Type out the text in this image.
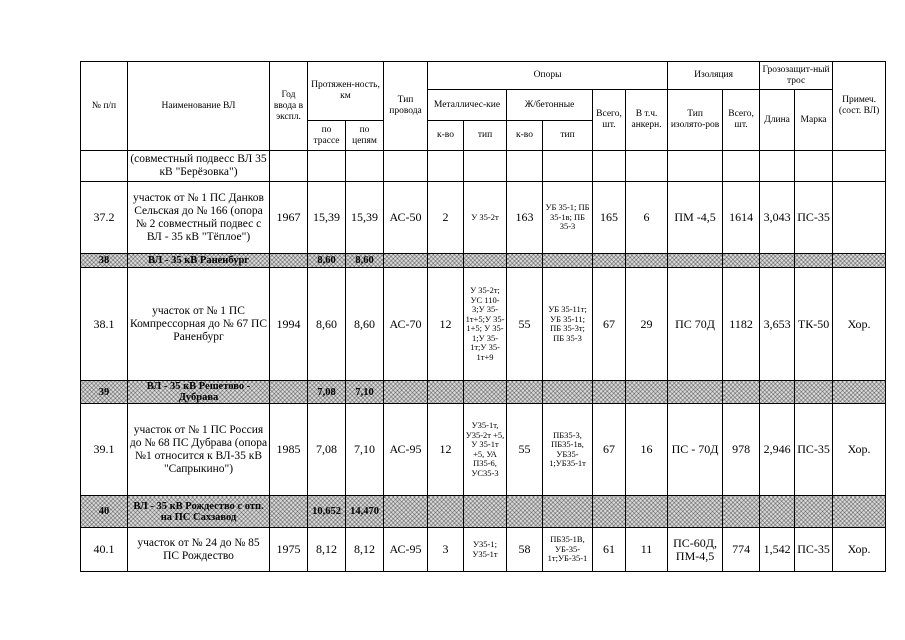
№ п/п	Наименование ВЛ	Год ввода в экспл.	Протяжен-ность, км		Тип провода	Опоры						Изоляция		Грозозащит-ный трос		Примеч. (сост. ВЛ)
						Металличес-кие		Ж/бетонные		Всего, шт.	В т.ч. анкерн.	Тип изолято-ров	Всего, шт.	Длина	Марка	
			по трассе	по цепям		к-во	тип	к-во	тип							
	(совместный подвесс ВЛ 35 кВ "Берёзовка")															
37.2	участок от № 1 ПС Данков Сельская до № 166 (опора № 2 совместный подвес с ВЛ - 35 кВ "Тёплое")	1967	15,39	15,39	АС-50	2	У 35-2т	163	УБ 35-1; ПБ 35-1в; ПБ 35-3	165	6	ПМ -4,5	1614	3,043	ПС-35	
38	ВЛ - 35 кВ Раненбург		8,60	8,60												
38.1	участок от № 1 ПС Компрессорная до № 67 ПС Раненбург	1994	8,60	8,60	АС-70	12	У 35-2т; УС 110-3;У 35-1т+5;У 35-1+5; У 35-1;У 35-1т;У 35-1т+9	55	УБ 35-11т; УБ 35-11; ПБ 35-3т; ПБ 35-3	67	29	ПС 70Д	1182	3,653	ТК-50	Хор.
39	ВЛ - 35 кВ Решетово - Дубрава		7,08	7,10												
39.1	участок от № 1 ПС Россия до № 68 ПС Дубрава (опора №1 относится к ВЛ-35 кВ "Сапрыкино")	1985	7,08	7,10	АС-95	12	У35-1т, У35-2т +5, У 35-1т +5, УА П35-6, УС35-3	55	ПБ35-3, ПБ35-1в, УБ35-1;УБ35-1т	67	16	ПС - 70Д	978	2,946	ПС-35	Хор.
40	ВЛ - 35 кВ Рождество с отп. на ПС Сахзавод		10,652	14,470												
40.1	участок от № 24 до № 85 ПС Рождество	1975	8,12	8,12	АС-95	3	У35-1; У35-1т	58	ПБ35-1В, УБ-35-1т;УБ-35-1	61	11	ПС-60Д, ПМ-4,5	774	1,542	ПС-35	Хор.
